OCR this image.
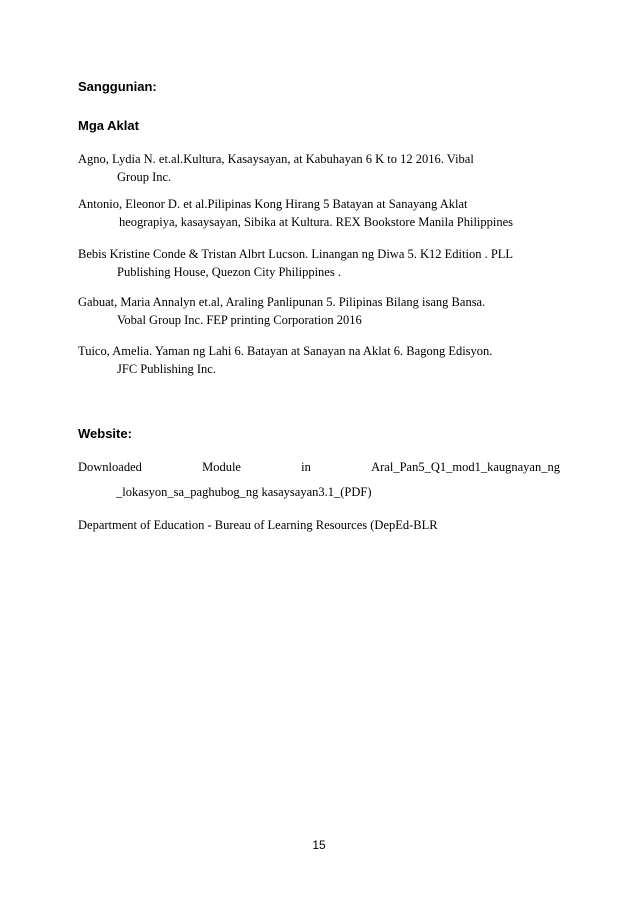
Sanggunian:
Mga Aklat
Agno, Lydia N. et.al.Kultura, Kasaysayan, at Kabuhayan 6 K to 12 2016. Vibal
Group Inc.
Antonio, Eleonor D. et al.Pilipinas Kong Hirang 5 Batayan at Sanayang Aklat
heograpiya, kasaysayan, Sibika at Kultura. REX Bookstore Manila Philippines
Bebis Kristine Conde & Tristan Albrt Lucson. Linangan ng Diwa 5. K12 Edition . PLL
Publishing House, Quezon City Philippines .
Gabuat, Maria Annalyn et.al, Araling Panlipunan 5. Pilipinas Bilang isang Bansa.
Vobal Group Inc. FEP printing Corporation 2016
Tuico, Amelia. Yaman ng Lahi 6. Batayan at Sanayan na Aklat 6. Bagong Edisyon.
JFC Publishing Inc.
Website:
Downloaded	Module	in	Aral_Pan5_Q1_mod1_kaugnayan_ng
_lokasyon_sa_paghubog_ng kasaysayan3.1_(PDF)
Department of Education - Bureau of Learning Resources (DepEd-BLR
15
